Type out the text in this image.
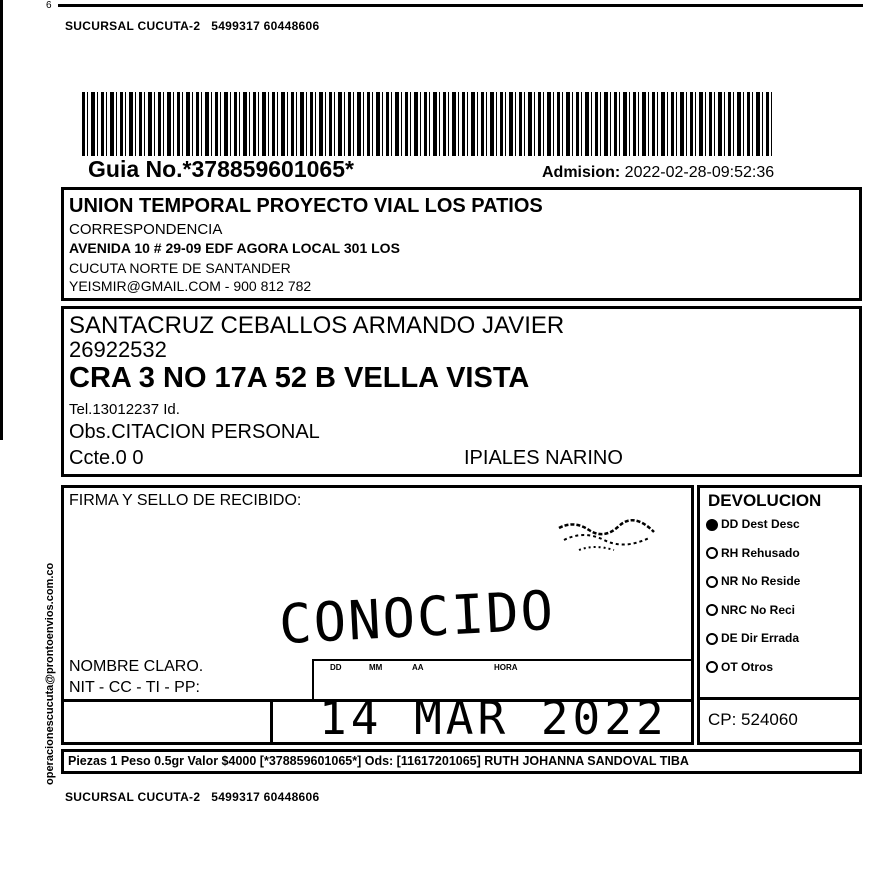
6
SUCURSAL CUCUTA-2 5499317 60448606
operacionescucuta@prontoenvios.com.co
Guia No.*378859601065*	Admision: 2022-02-28-09:52:36
UNION TEMPORAL PROYECTO VIAL LOS PATIOS
CORRESPONDENCIA
AVENIDA 10 # 29-09 EDF AGORA LOCAL 301 LOS
CUCUTA NORTE DE SANTANDER
YEISMIR@GMAIL.COM - 900 812 782
SANTACRUZ CEBALLOS ARMANDO JAVIER
26922532
CRA 3 NO 17A 52 B VELLA VISTA
Tel.13012237 Id.
Obs.CITACION PERSONAL
Ccte.0 0	IPIALES NARINO
FIRMA Y SELLO DE RECIBIDO:
CONOCIDO
NOMBRE CLARO.
NIT - CC - TI - PP:
DD	MM	AA	HORA
14 MAR 2022
DEVOLUCION
DD Dest Desc
RH Rehusado
NR No Reside
NRC No Reci
DE Dir Errada
OT Otros
CP: 524060
Piezas 1 Peso 0.5gr Valor $4000 [*378859601065*] Ods: [11617201065] RUTH JOHANNA SANDOVAL TIBA
SUCURSAL CUCUTA-2 5499317 60448606
